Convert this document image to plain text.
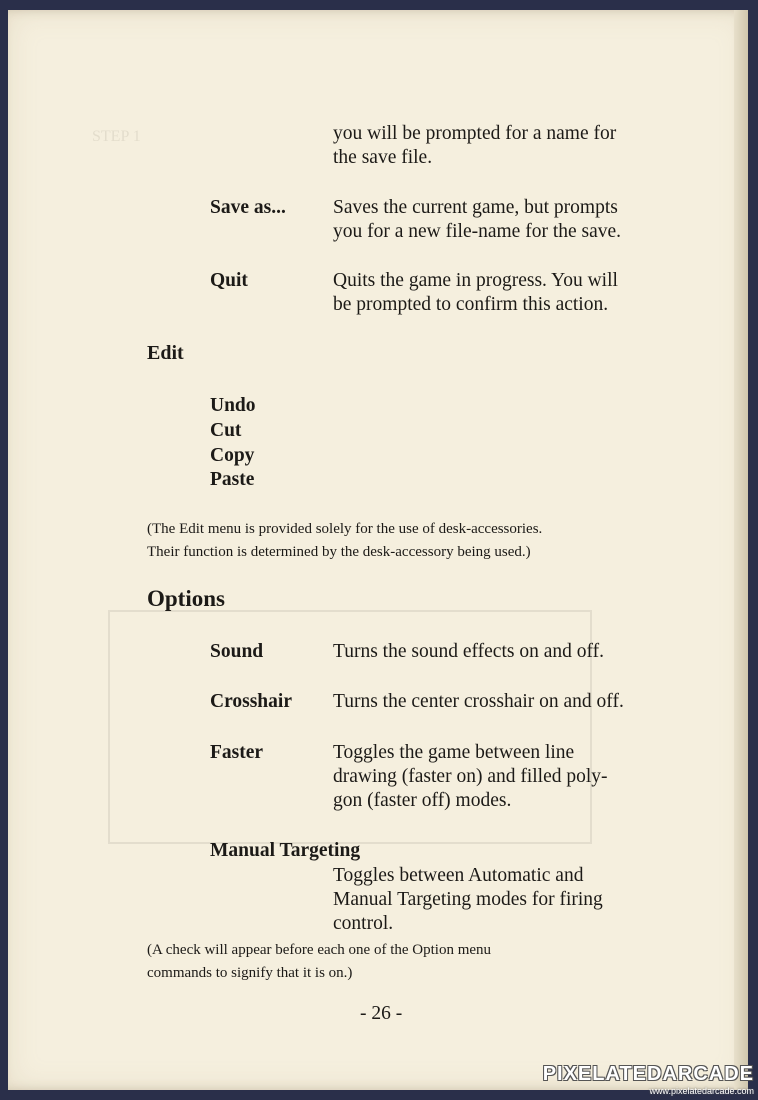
STEP 1
you will be prompted for a name for
the save file.
Save as... Saves the current game, but prompts
you for a new file-name for the save.
Quit	Quits the game in progress. You will
be prompted to confirm this action.
Edit
Undo
Cut
Copy
Paste
(The Edit menu is provided solely for the use of desk-accessories.
Their function is determined by the desk-accessory being used.)
Options
Sound	Turns the sound effects on and off.
Crosshair Turns the center crosshair on and off.
Faster	Toggles the game between line
drawing (faster on) and filled poly-
gon (faster off) modes.
Manual Targeting
Toggles between Automatic and
Manual Targeting modes for firing
control.
(A check will appear before each one of the Option menu
commands to signify that it is on.)
- 26 -
PIXELATEDARCADE
www.pixelatedarcade.com
